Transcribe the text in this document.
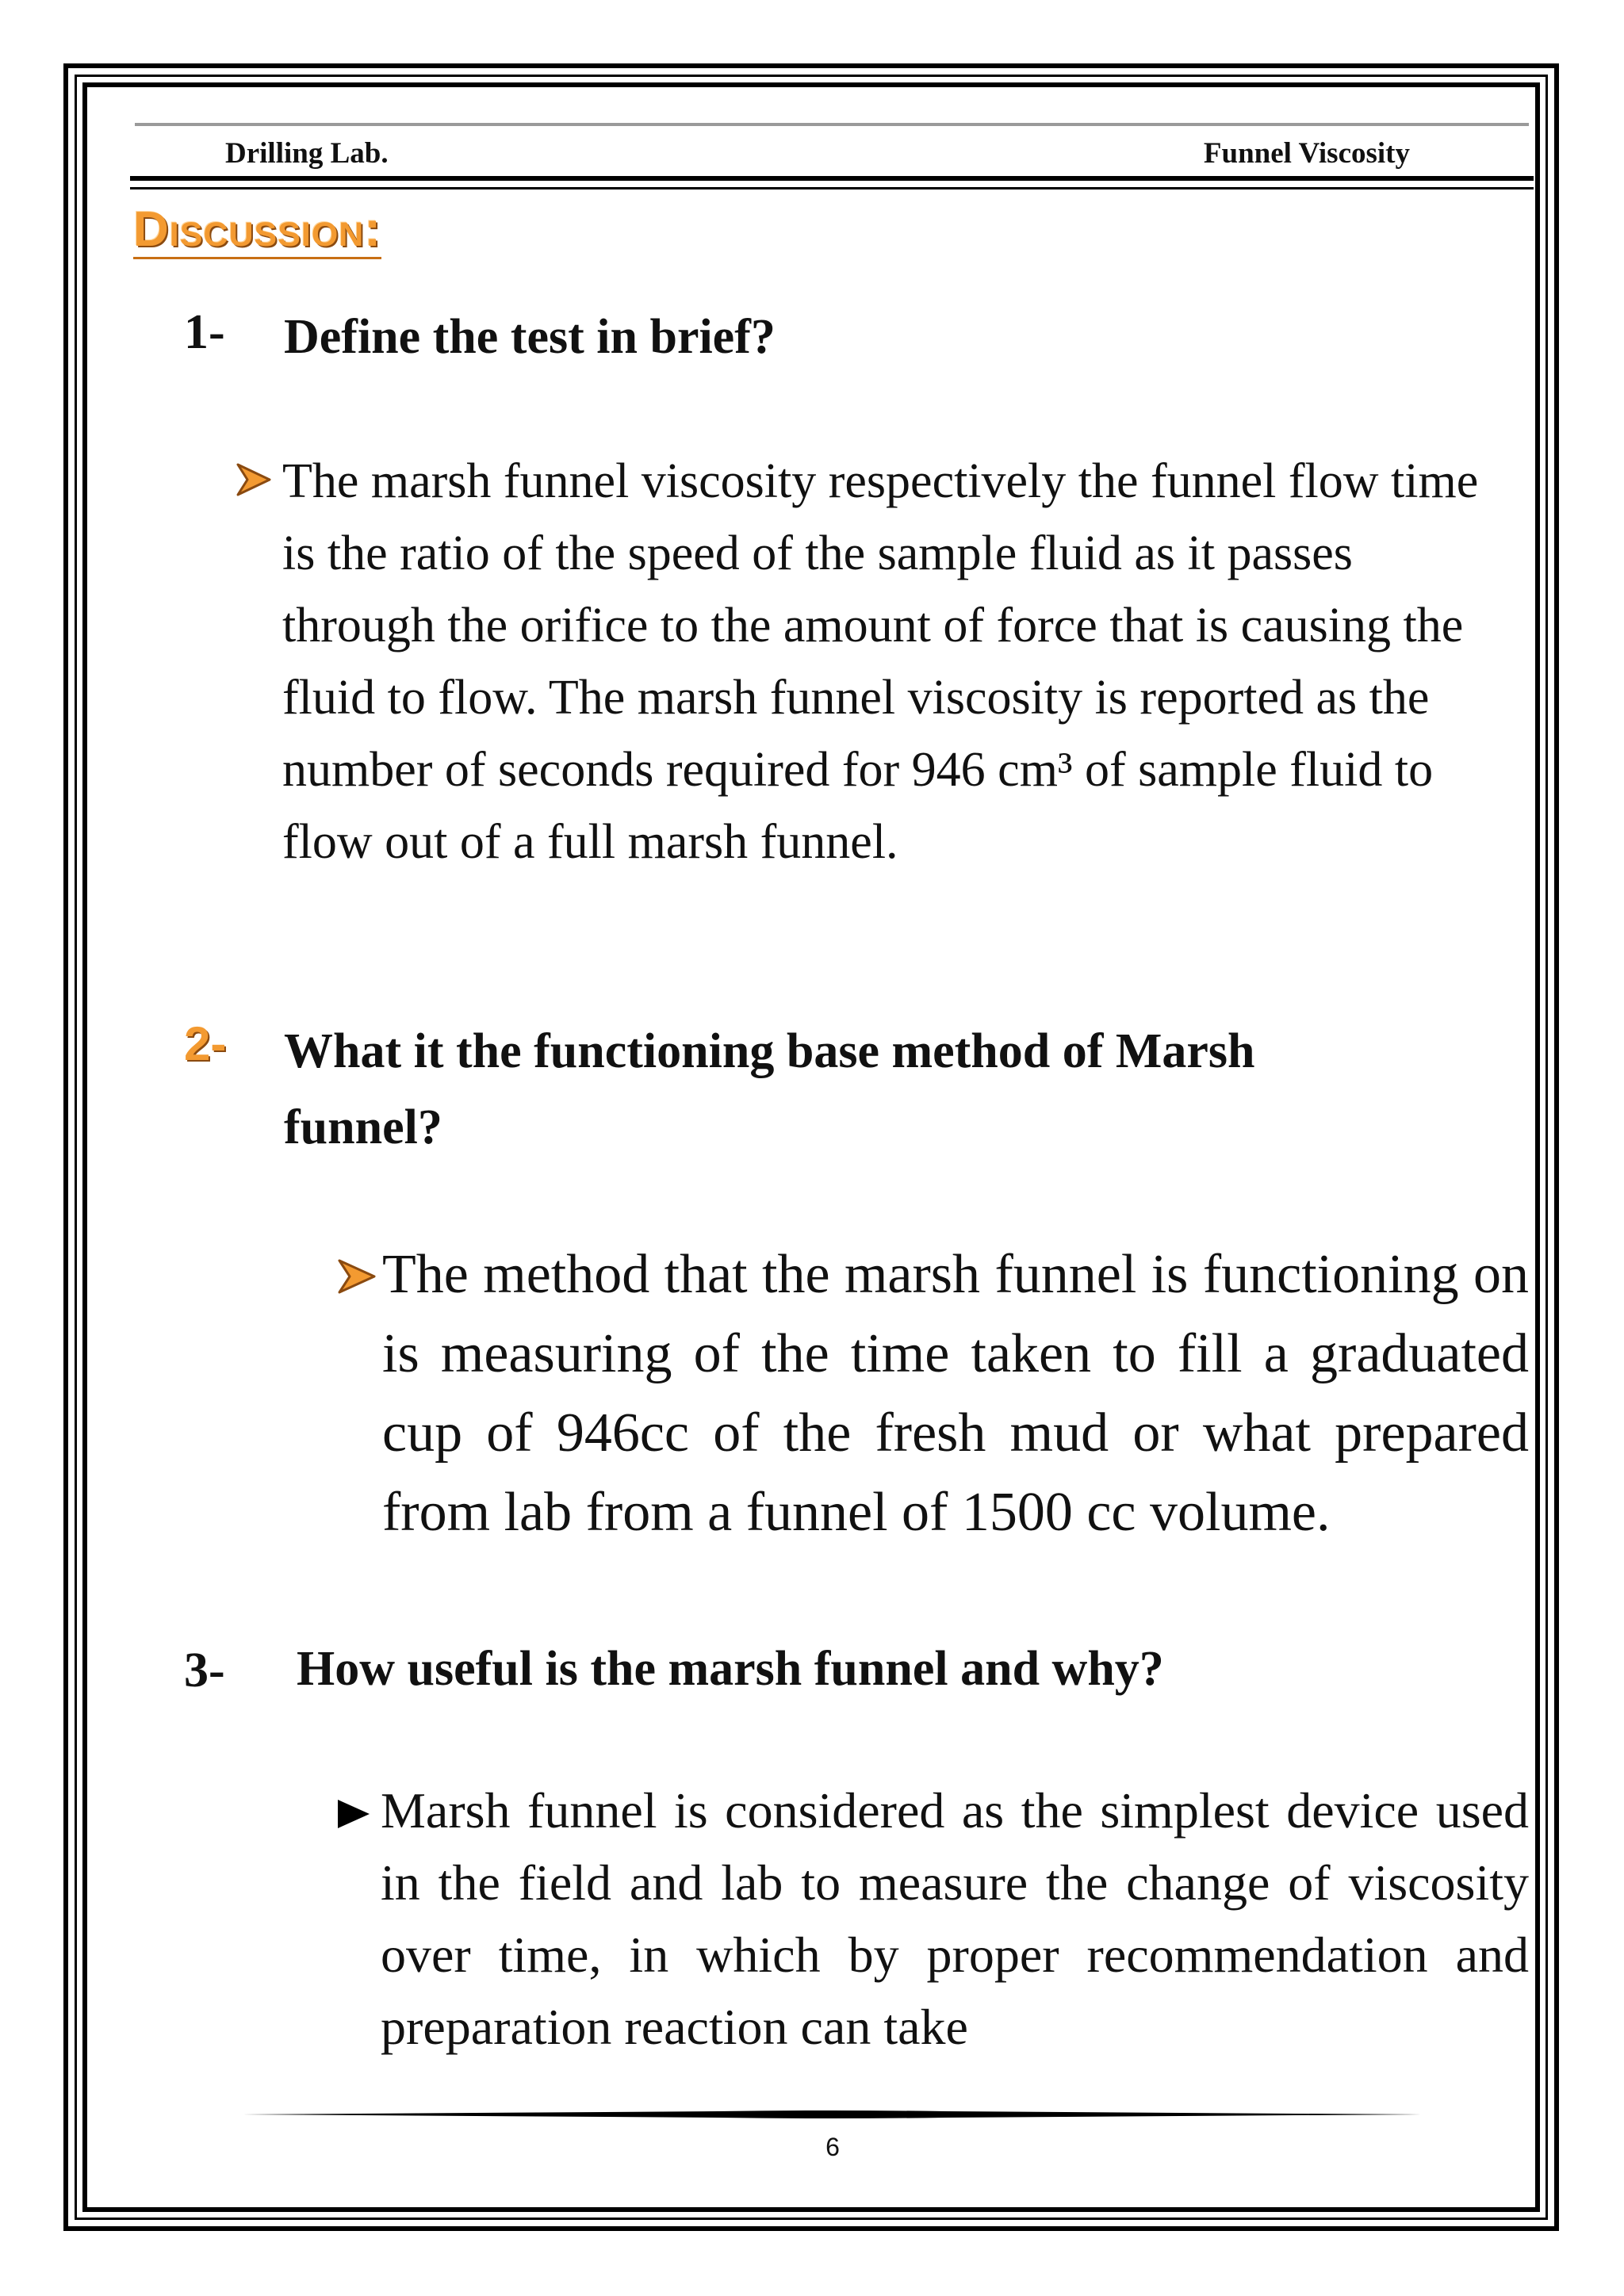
Drilling Lab.	Funnel Viscosity
Discussion:
1- Define the test in brief?

The marsh funnel viscosity respectively the funnel flow time is the ratio of the speed of the sample fluid as it passes through the orifice to the amount of force that is causing the fluid to flow. The marsh funnel viscosity is reported as the number of seconds required for 946 cm³ of sample fluid to flow out of a full marsh funnel.

2- What it the functioning base method of Marsh funnel?

The method that the marsh funnel is functioning on is measuring of the time taken to fill a graduated cup of 946cc of the fresh mud or what prepared from lab from a funnel of 1500 cc volume.

3- How useful is the marsh funnel and why?

Marsh funnel is considered as the simplest device used in the field and lab to measure the change of viscosity over time, in which by proper recommendation and preparation reaction can take

6
